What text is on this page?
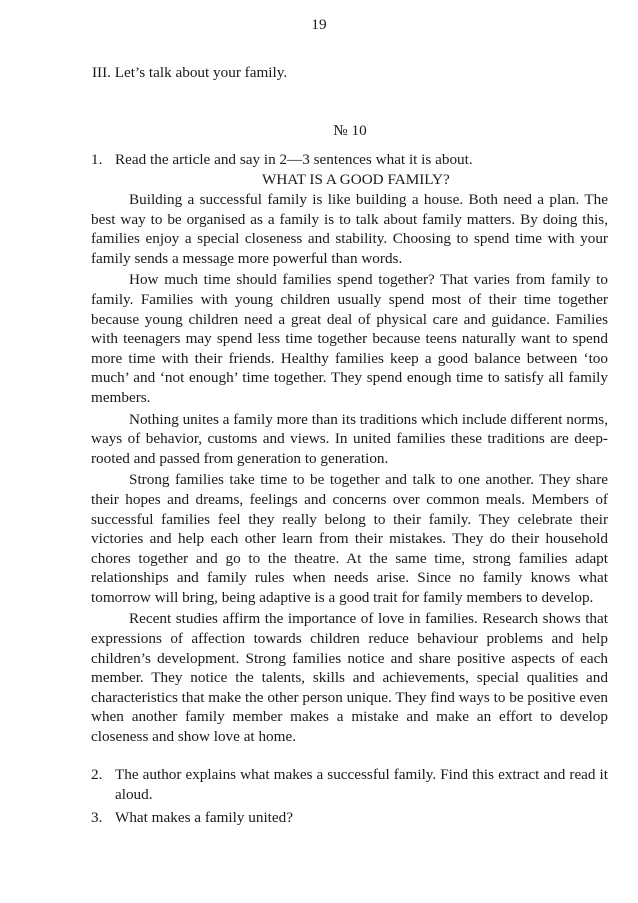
19
III. Let’s talk about your family.
№ 10
1. Read the article and say in 2—3 sentences what it is about.
WHAT IS A GOOD FAMILY?

Building a successful family is like building a house. Both need a plan. The best way to be organised as a family is to talk about family matters. By doing this, families enjoy a special closeness and stability. Choosing to spend time with your family sends a message more powerful than words.

How much time should families spend together? That varies from family to family. Families with young children usually spend most of their time together because young children need a great deal of physical care and guidance. Families with teenagers may spend less time together because teens naturally want to spend more time with their friends. Healthy families keep a good balance between ‘too much’ and ‘not enough’ time together. They spend enough time to satisfy all family members.

Nothing unites a family more than its traditions which include different norms, ways of behavior, customs and views. In united families these traditions are deep-rooted and passed from generation to generation.

Strong families take time to be together and talk to one another. They share their hopes and dreams, feelings and concerns over common meals. Members of successful families feel they really belong to their family. They celebrate their victories and help each other learn from their mistakes. They do their household chores together and go to the theatre. At the same time, strong families adapt relationships and family rules when needs arise. Since no family knows what tomorrow will bring, being adaptive is a good trait for family members to develop.

Recent studies affirm the importance of love in families. Research shows that expressions of affection towards children reduce behaviour problems and help children’s development. Strong families notice and share positive aspects of each member. They notice the talents, skills and achievements, special qualities and characteristics that make the other person unique. They find ways to be positive even when another family member makes a mistake and make an effort to develop closeness and show love at home.

2. The author explains what makes a successful family. Find this extract and read it aloud.
3. What makes a family united?
